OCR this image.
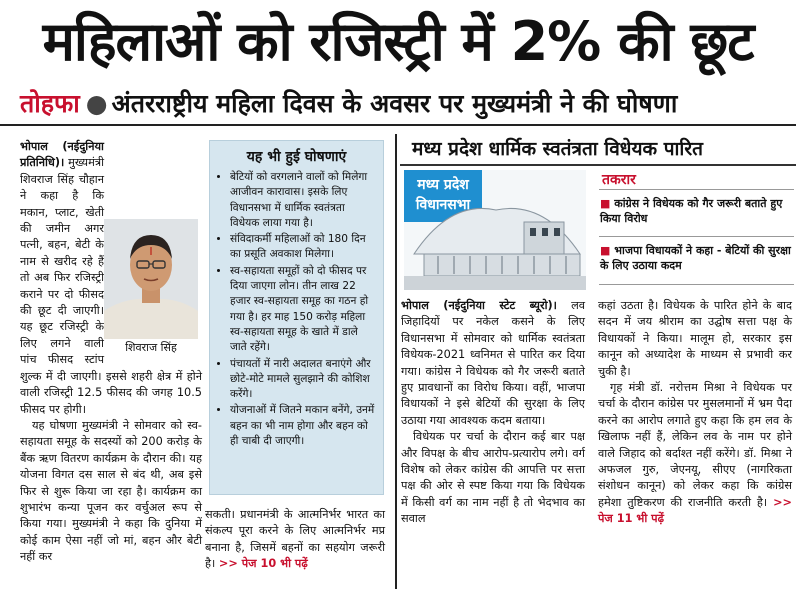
महिलाओं को रजिस्ट्री में 2% की छूट
तोहफा ● अंतरराष्ट्रीय महिला दिवस के अवसर पर मुख्यमंत्री ने की घोषणा

भोपाल (नईदुनिया प्रतिनिधि)। मुख्यमंत्री शिवराज सिंह चौहान ने कहा है कि मकान, प्लाट, खेती की जमीन अगर पत्नी, बहन, बेटी के नाम से खरीद रहे हैं तो अब फिर रजिस्ट्री कराने पर दो फीसद की छूट दी जाएगी। यह छूट रजिस्ट्री के लिए लगने वाली पांच फीसद स्टांप शुल्क में दी जाएगी। इससे शहरी क्षेत्र में होने वाली रजिस्ट्री 12.5 फीसद की जगह 10.5 फीसद पर होगी।

यह घोषणा मुख्यमंत्री ने सोमवार को स्व-सहायता समूह के सदस्यों को 200 करोड़ के बैंक ऋण वितरण कार्यक्रम के दौरान की। यह योजना विगत दस साल से बंद थी, अब इसे फिर से शुरू किया जा रहा है। कार्यक्रम का शुभारंभ कन्या पूजन कर वर्चुअल रूप से किया गया। मुख्यमंत्री ने कहा कि दुनिया में कोई काम ऐसा नहीं जो मां, बहन और बेटी नहीं कर

शिवराज सिंह
यह भी हुई घोषणाएं
• बेटियों को वरगलाने वालों को मिलेगा आजीवन कारावास। इसके लिए विधानसभा में धार्मिक स्वतंत्रता विधेयक लाया गया है।
• संविदाकर्मी महिलाओं को 180 दिन का प्रसूति अवकाश मिलेगा।
• स्व-सहायता समूहों को दो फीसद पर दिया जाएगा लोन। तीन लाख 22 हजार स्व-सहायता समूह का गठन हो गया है। हर माह 150 करोड़ महिला स्व-सहायता समूह के खाते में डाले जाते रहेंगे।
• पंचायतों में नारी अदालत बनाएंगे और छोटे-मोटे मामले सुलझाने की कोशिश करेंगे।
• योजनाओं में जितने मकान बनेंगे, उनमें बहन का भी नाम होगा और बहन को ही चाबी दी जाएगी।

सकती। प्रधानमंत्री के आत्मनिर्भर भारत का संकल्प पूरा करने के लिए आत्मनिर्भर मप्र बनाना है, जिसमें बहनों का सहयोग जरूरी है। >> पेज 10 भी पढ़ें

मध्य प्रदेश धार्मिक स्वतंत्रता विधेयक पारित
मध्य प्रदेश
विधानसभा
तकरार
■ कांग्रेस ने विधेयक को गैर जरूरी बताते हुए किया विरोध
■ भाजपा विधायकों ने कहा - बेटियों की सुरक्षा के लिए उठाया कदम

भोपाल (नईदुनिया स्टेट ब्यूरो)। लव जिहादियों पर नकेल कसने के लिए विधानसभा में सोमवार को धार्मिक स्वतंत्रता विधेयक-2021 ध्वनिमत से पारित कर दिया गया। कांग्रेस ने विधेयक को गैर जरूरी बताते हुए प्रावधानों का विरोध किया। वहीं, भाजपा विधायकों ने इसे बेटियों की सुरक्षा के लिए उठाया गया आवश्यक कदम बताया।

विधेयक पर चर्चा के दौरान कई बार पक्ष और विपक्ष के बीच आरोप-प्रत्यारोप लगे। वर्ग विशेष को लेकर कांग्रेस की आपत्ति पर सत्ता पक्ष की ओर से स्पष्ट किया गया कि विधेयक में किसी वर्ग का नाम नहीं है तो भेदभाव का सवाल

कहां उठता है। विधेयक के पारित होने के बाद सदन में जय श्रीराम का उद्घोष सत्ता पक्ष के विधायकों ने किया। मालूम हो, सरकार इस कानून को अध्यादेश के माध्यम से प्रभावी कर चुकी है।

गृह मंत्री डॉ. नरोत्तम मिश्रा ने विधेयक पर चर्चा के दौरान कांग्रेस पर मुसलमानों में भ्रम पैदा करने का आरोप लगाते हुए कहा कि हम लव के खिलाफ नहीं हैं, लेकिन लव के नाम पर होने वाले जिहाद को बर्दाश्त नहीं करेंगे। डॉ. मिश्रा ने अफजल गुरु, जेएनयू, सीएए (नागरिकता संशोधन कानून) को लेकर कहा कि कांग्रेस हमेशा तुष्टिकरण की राजनीति करती है। >> पेज 11 भी पढ़ें
